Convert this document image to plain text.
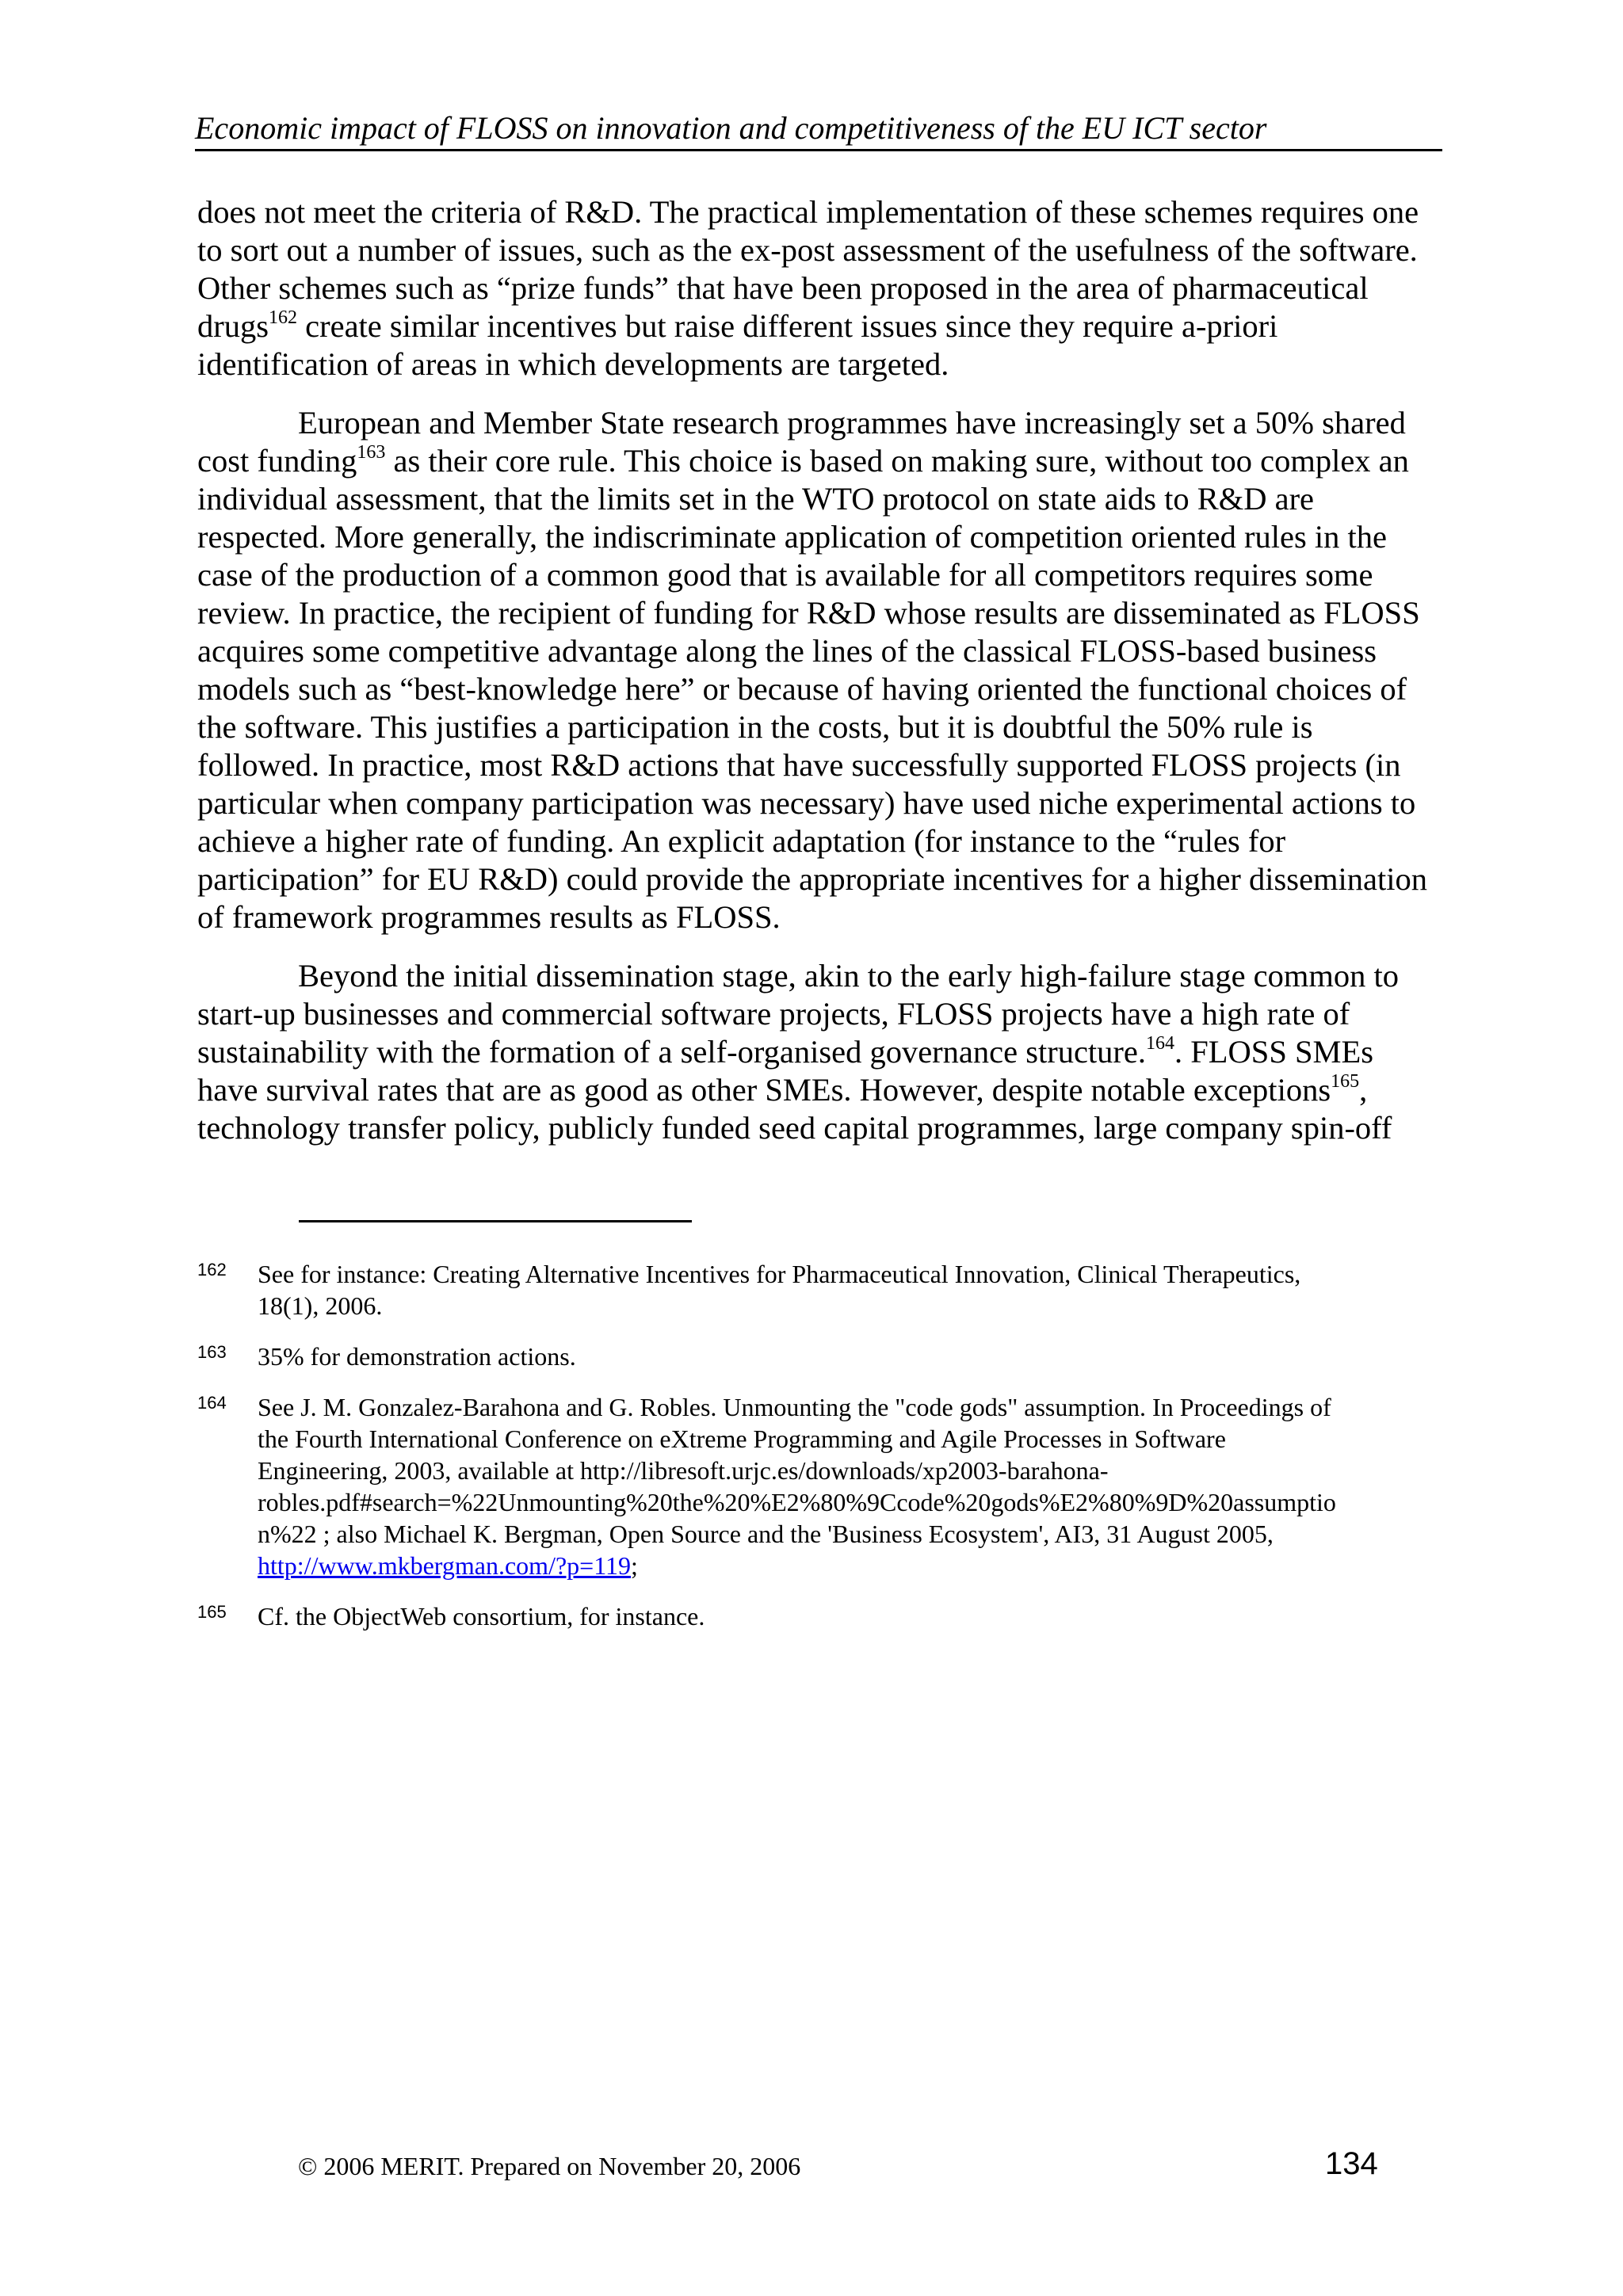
Economic impact of FLOSS on innovation and competitiveness of the EU ICT sector

does not meet the criteria of R&D. The practical implementation of these schemes requires one to sort out a number of issues, such as the ex-post assessment of the usefulness of the software. Other schemes such as “prize funds” that have been proposed in the area of pharmaceutical drugs$^{162}$ create similar incentives but raise different issues since they require a-priori identification of areas in which developments are targeted.

European and Member State research programmes have increasingly set a 50% shared cost funding$^{163}$ as their core rule. This choice is based on making sure, without too complex an individual assessment, that the limits set in the WTO protocol on state aids to R&D are respected. More generally, the indiscriminate application of competition oriented rules in the case of the production of a common good that is available for all competitors requires some review. In practice, the recipient of funding for R&D whose results are disseminated as FLOSS acquires some competitive advantage along the lines of the classical FLOSS-based business models such as “best-knowledge here” or because of having oriented the functional choices of the software. This justifies a participation in the costs, but it is doubtful the 50% rule is followed. In practice, most R&D actions that have successfully supported FLOSS projects (in particular when company participation was necessary) have used niche experimental actions to achieve a higher rate of funding. An explicit adaptation (for instance to the “rules for participation” for EU R&D) could provide the appropriate incentives for a higher dissemination of framework programmes results as FLOSS.

Beyond the initial dissemination stage, akin to the early high-failure stage common to start-up businesses and commercial software projects, FLOSS projects have a high rate of sustainability with the formation of a self-organised governance structure.$^{164}$. FLOSS SMEs have survival rates that are as good as other SMEs. However, despite notable exceptions$^{165}$, technology transfer policy, publicly funded seed capital programmes, large company spin-off

162	See for instance: Creating Alternative Incentives for Pharmaceutical Innovation, Clinical Therapeutics,
18(1), 2006.
163	35% for demonstration actions.
164	See J. M. Gonzalez-Barahona and G. Robles. Unmounting the "code gods" assumption. In Proceedings of
the Fourth International Conference on eXtreme Programming and Agile Processes in Software
Engineering, 2003, available at http://libresoft.urjc.es/downloads/xp2003-barahona-
robles.pdf#search=%22Unmounting%20the%20%E2%80%9Ccode%20gods%E2%80%9D%20assumptio
n%22 ; also Michael K. Bergman, Open Source and the 'Business Ecosystem', AI3, 31 August 2005,
http://www.mkbergman.com/?p=119;
165	Cf. the ObjectWeb consortium, for instance.
© 2006 MERIT. Prepared on November 20, 2006	134
